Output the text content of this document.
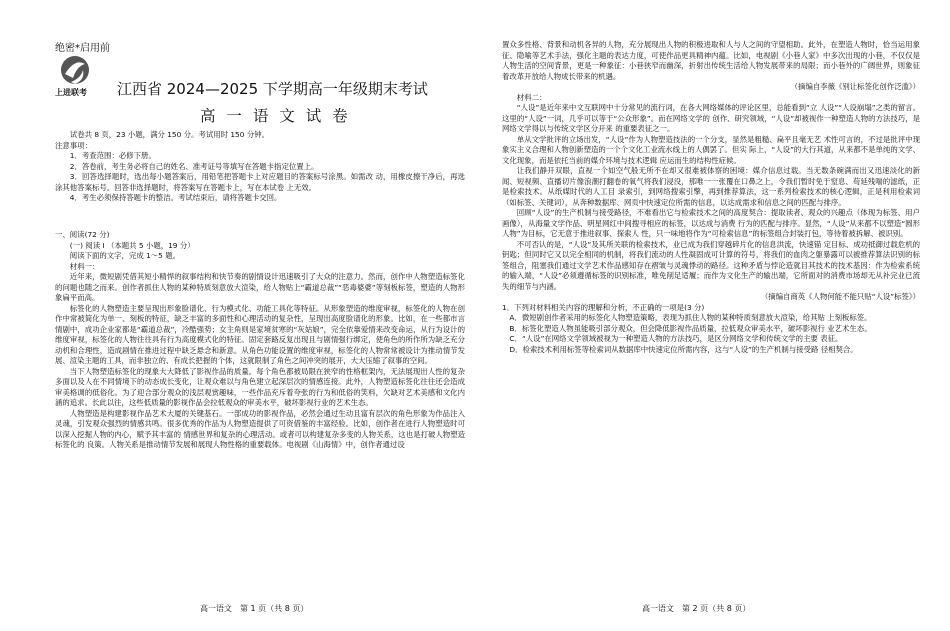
绝密*启用前
上进联考 江西省 2024—2025 下学期高一年级期末考试
高 一 语 文 试 卷

试卷共 8 页，23 小题，满分 150 分。考试用时 150 分钟。

注意事项：

1．考查范围：必修下册。

2．答卷前，考生务必将自己的姓名、准考证号等填写在答题卡指定位置上。

3．回答选择题时，选出每小题答案后，用铅笔把答题卡上对应题目的答案标号涂黑。如需改 动，用橡皮擦干净后，再选涂其他答案标号。回答非选择题时，将答案写在答题卡上，写在本试卷 上无效。

4．考生必须保持答题卡的整洁。考试结束后，请将答题卡交回。

一、阅读(72 分)

(一) 阅读 Ⅰ （本题共 5 小题，19 分）

阅读下面的文字，完成 1～5 题。

材料一：

近年来，微短剧凭借其短小精悍的叙事结构和快节奏的剧情设计迅速吸引了大众的注意力。然而，创作中人物塑造标签化的问题也随之而来。创作者抓住人物的某种特质刻意放大渲染，给人物贴上“霸道总裁”“恶毒婆婆”等刻板标签，塑造的人物形象扁平而高。

标签化的人物塑造主要呈现出形象脸谱化、行为模式化、功能工具化等特征。从形象塑造的维度审视，标签化的人物在创作中常被简化为单一、刻板的特征，缺乏丰富的多面性和心理活动的复杂性，呈现出高度脸谱化的形象。比如，在一些都市言情剧中，成功企业家都是“霸道总裁”，冷酷强势；女主角则是家境贫寒的“灰姑娘”，完全依靠爱情来改变命运，从行为设计的维度审视，标签化的人物往往具有行为高度模式化的特征。固定套路反复出现且与剧情强行绑定，使角色的所作所为缺乏充分动机和合理性，造成剧情在推进过程中缺乏悬念和新意。从角色功能设置的维度审视，标签化的人物常常被设计为推动情节发展、渲染主题的工具，而非独立的、有成长把握的个体，这就限制了角色之间冲突的展开，大大压缩了叙事的空间。

当下人物塑造标签化的现象大大降低了影视作品的质量。每个角色都被局限在狭窄的性格框架内，无法展现出人性的复杂多面以及人在不同情境下的动态成长变化，让观众难以与角色建立起深层次的情感连接。此外，人物塑造标签化往往还会造成审美格调的低俗化。为了迎合部分观众的浅层观赏趣味，一些作品充斥着夸张的行为和低俗的笑料，欠缺对艺术美感和文化内涵的追求。长此以往，这些低质量的影视作品会拉低观众的审美水平，破坏影视行业的艺术生态。

人物塑造是构建影视作品艺术大厦的关键基石。一部成功的影视作品，必然会通过生动且富有层次的角色形象为作品注入灵魂，引发观众强烈的情感共鸣。很多优秀的作品为人物塑造提供了可资借鉴的丰富经验。比如，创作者在进行人物塑造时可以深入挖掘人物的内心，赋予其丰富的 情感世界和复杂的心理活动。或者可以构建复杂多变的人物关系，这也是打破人物塑造标签化的 良策。人物关系是推动情节发展和展现人物性格的重要载体。电视剧《山海情》中，创作者通过设

高一语文　第 1 页（共 8 页）

置众多性格、背景和动机各异的人物，充分展现出人物的积极进取和人与人之间的守望相助。此外，在塑造人物时，恰当运用象征、隐喻等艺术手法，强化主题的表达力度，可使作品更具精神内蕴。比如，电视剧《小巷人家》中多次出现的小巷，不仅仅是人物生活的空间背景，更是一种象征：小巷狭窄而幽深，折射出传统生活给人物发展带来的局限；而小巷外的广阔世界，则象征着改革开放给人物成长带来的机遇。

（摘编自李薇《别让标签化创作泛滥》）

材料二：

“人设”是近年来中文互联网中十分常见的流行词，在各大网络媒体的评论区里，总能看到“立 人设”“人设崩塌”之类的留言。这里的“人设”一词，几乎可以等于“公众形象”。而在网络文学的 创作、研究领域，“人设”却被视作一种塑造人物的方法技巧，是网络文学得以与传统文学区分开来 的重要表征之一。

单从文学批评的立场出发，“人设”作为人物塑造技法的一个分支，显然是粗糙、扁平且毫无艺 术性可言的，不过是批评中现象实主义合理和人物创新塑造的一个个文化工业流水线上的人偶罢了。但实 际上，“人设”的大行其道，从来都不是单纯的文学、文化现象，而是依托当前的媒介环境与技术逻辑 应运而生的结构性症候。

让我们静开双眼，直视一个如空气般无所不在却又很难被体察的困境：媒介信息过载。当无数条碗满而出又迅速淡化的新闻、短视频、直播切片像浪潮打翻卷的氧气将我们浸没，那唯一一张覆在口鼻之上，令我们暂时免于窒息、苟延残喘的滤纸，正是检索技术。从纸媒时代的人工目 录索引，到网络搜索引擎，再到推荐算法，这一系列检索技术的核心逻辑，正是利用检索词（如标签、关键词），从奔种数据库、网页中快速定位所需的信息，以达成需求和信息之间的匹配与排序。

回顾“人设”的生产机制与接受路径，不难看出它与检索技术之间的高度契合：提取读者、观众的兴趣点（体现为标签、用户画像），从海量文学作品、明星网红中间搜寻相应的标签，以达成与消费 行为的匹配与排序。显然，“人设”从来都不以塑造“圆形人物”为目标，它无意于推进叙事、探索人 性，只一味地将作为“可检索信息”的标签组合封装打包，等待着被拆解、被识别。

不可否认的是，“人设”及其所关联的检索技术，业已成为我们穿越碎片化的信息洪流，快速锚 定目标、成功抵御过载危机的钥匙；但同时它又以完全相同的机制，将我们流动的人性凝固成可计算的符号，将我们的血肉之躯暴露可以被推荐算法识别的标签组合，阻塞我们通过文学艺术作品感知存在褶皱与灵魂悸动的路径。这种矛盾与悖论造就目其技术的技术基因：作为检索系统的输入端，“人设”必须遵循标签的识别标准，唯免削足适履；而作为文化生产的输出端，它所面对的消费市场却无从补完业已流失的细节与内涵。

（摘编自商英《人物何能不能只贴“人设”标签》）

1．下列对材料相关内容的理解和分析，不正确的一项是(3 分)

A．微短剧创作者采用的标签化人物塑造策略，表现为抓住人物的某种特质刻意放大渲染，给其贴 上刻板标签。

B．标签化塑造人物虽能吸引部分观众，但会降低影视作品质量，拉低观众审美水平，破坏影视行 业艺术生态。

C．“人设”在网络文学领域被视为一种塑造人物的方法技巧，是区分网络文学和传统文学的主要 表征。

D．检索技术利用标签等检索词从数据库中快速定位所需内容，这与“人设”的生产机制与接受路 径相契合。

高一语文　第 2 页（共 8 页）
